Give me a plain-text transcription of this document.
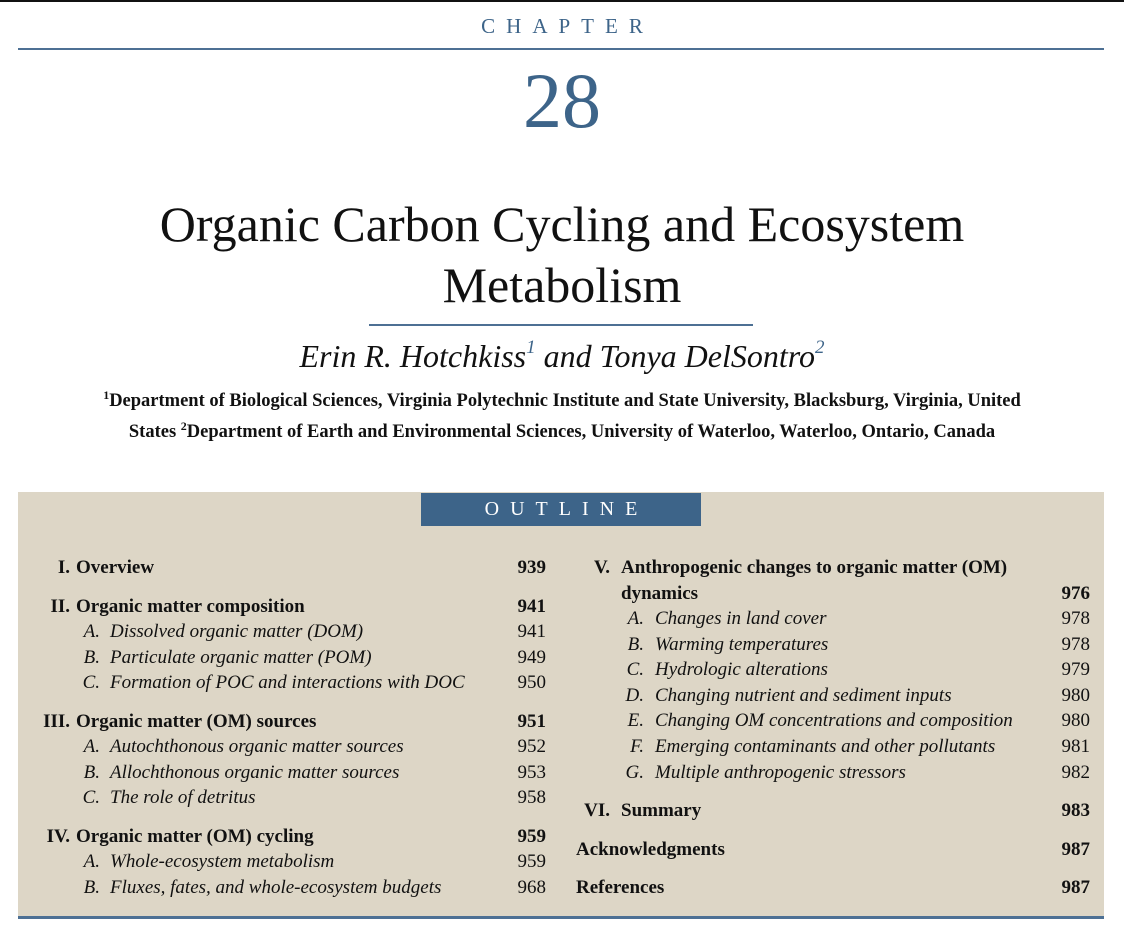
CHAPTER
28
Organic Carbon Cycling and Ecosystem
Metabolism
Erin R. Hotchkiss$^1$ and Tonya DelSontro$^2$
$^1$Department of Biological Sciences, Virginia Polytechnic Institute and State University, Blacksburg, Virginia, United
States $^2$Department of Earth and Environmental Sciences, University of Waterloo, Waterloo, Ontario, Canada
OUTLINE
I. Overview	939
II. Organic matter composition	941
A. Dissolved organic matter (DOM)	941
B. Particulate organic matter (POM)	949
C. Formation of POC and interactions with DOC	950
III. Organic matter (OM) sources	951
A. Autochthonous organic matter sources	952
B. Allochthonous organic matter sources	953
C. The role of detritus	958
IV. Organic matter (OM) cycling	959
A. Whole-ecosystem metabolism	959
B. Fluxes, fates, and whole-ecosystem budgets	968
V. Anthropogenic changes to organic matter (OM)
dynamics	976
A. Changes in land cover	978
B. Warming temperatures	978
C. Hydrologic alterations	979
D. Changing nutrient and sediment inputs	980
E. Changing OM concentrations and composition	980
F. Emerging contaminants and other pollutants	981
G. Multiple anthropogenic stressors	982
VI. Summary	983
Acknowledgments	987
References	987
